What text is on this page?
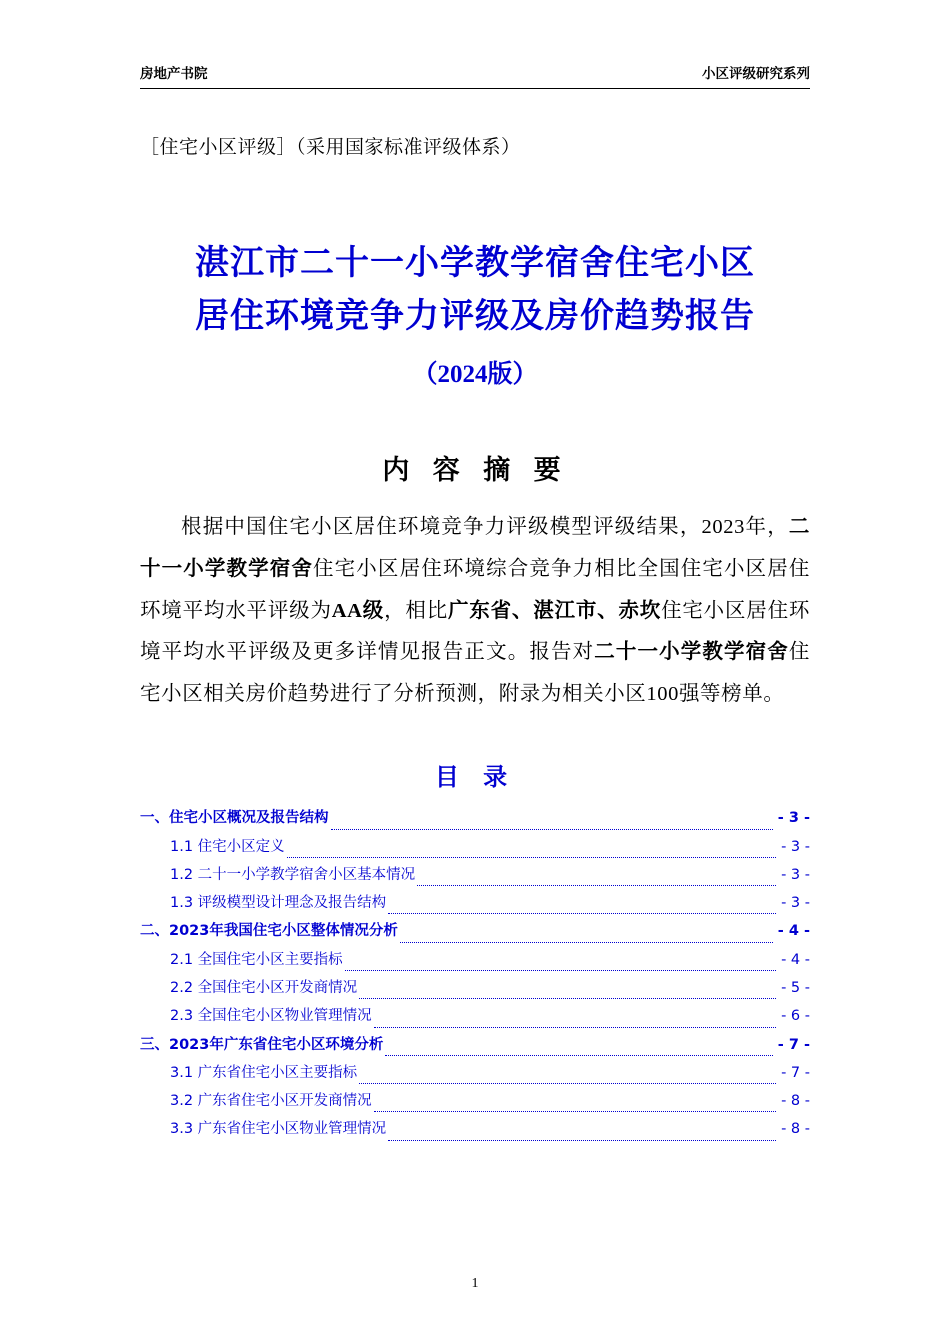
房地产书院	小区评级研究系列
［住宅小区评级］（采用国家标准评级体系）
湛江市二十一小学教学宿舍住宅小区
居住环境竞争力评级及房价趋势报告
（2024版）
内 容 摘 要

根据中国住宅小区居住环境竞争力评级模型评级结果，2023年，二十一小学教学宿舍住宅小区居住环境综合竞争力相比全国住宅小区居住环境平均水平评级为AA级，相比广东省、湛江市、赤坎住宅小区居住环境平均水平评级及更多详情见报告正文。报告对二十一小学教学宿舍住宅小区相关房价趋势进行了分析预测，附录为相关小区100强等榜单。

目 录
一、住宅小区概况及报告结构	- 3 -
1.1 住宅小区定义	- 3 -
1.2 二十一小学教学宿舍小区基本情况	- 3 -
1.3 评级模型设计理念及报告结构	- 3 -
二、2023年我国住宅小区整体情况分析	- 4 -
2.1 全国住宅小区主要指标	- 4 -
2.2 全国住宅小区开发商情况	- 5 -
2.3 全国住宅小区物业管理情况	- 6 -
三、2023年广东省住宅小区环境分析	- 7 -
3.1 广东省住宅小区主要指标	- 7 -
3.2 广东省住宅小区开发商情况	- 8 -
3.3 广东省住宅小区物业管理情况	- 8 -
1
